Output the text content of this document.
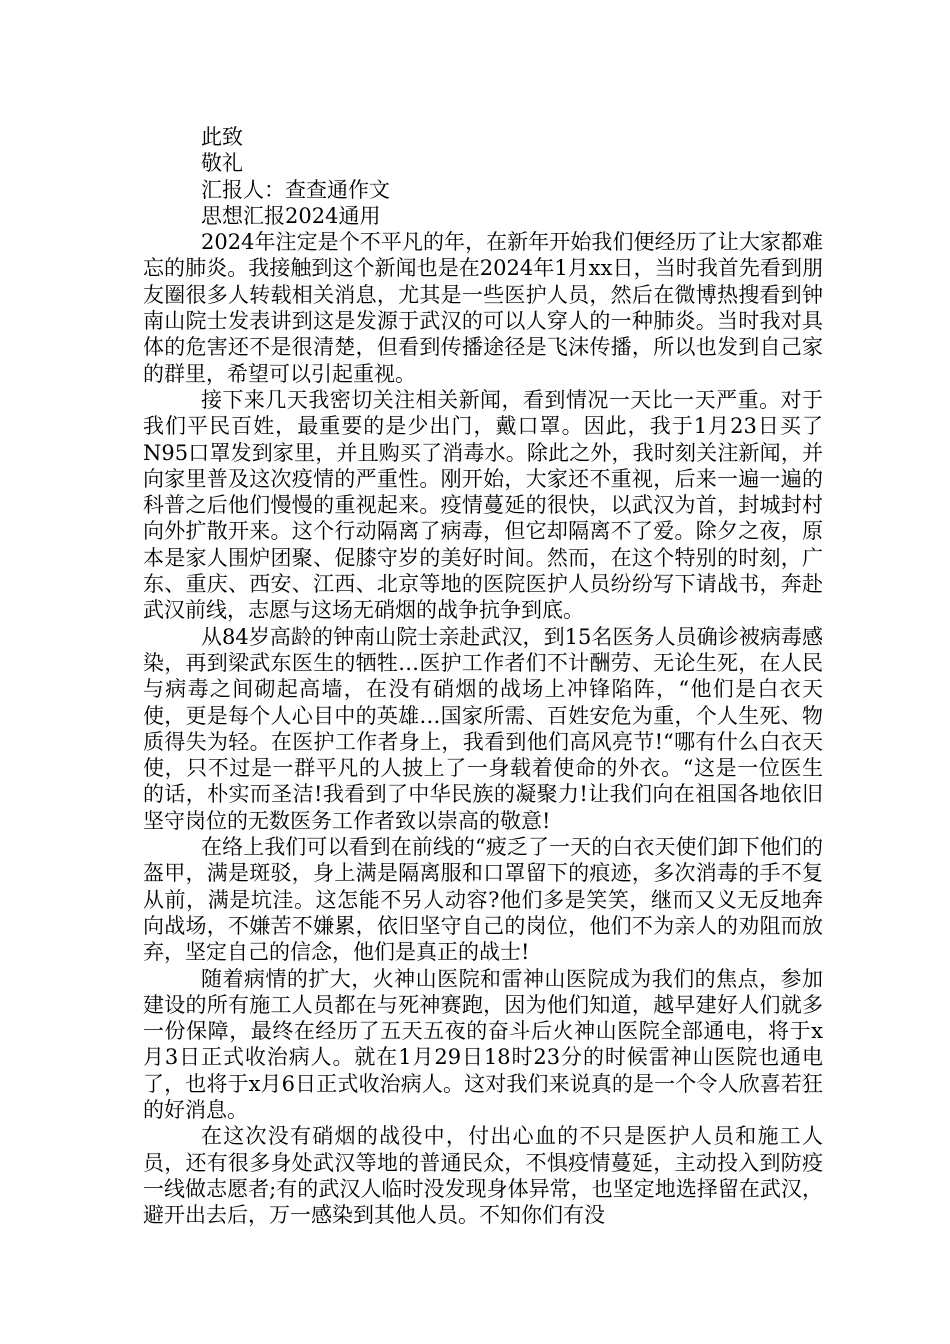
此致

敬礼

汇报人：查查通作文

思想汇报2024通用

2024年注定是个不平凡的年，在新年开始我们便经历了让大家都难忘的肺炎。我接触到这个新闻也是在2024年1月xx日，当时我首先看到朋友圈很多人转载相关消息，尤其是一些医护人员，然后在微博热搜看到钟南山院士发表讲到这是发源于武汉的可以人穿人的一种肺炎。当时我对具体的危害还不是很清楚，但看到传播途径是飞沫传播，所以也发到自己家的群里，希望可以引起重视。

接下来几天我密切关注相关新闻，看到情况一天比一天严重。对于我们平民百姓，最重要的是少出门，戴口罩。因此，我于1月23日买了N95口罩发到家里，并且购买了消毒水。除此之外，我时刻关注新闻，并向家里普及这次疫情的严重性。刚开始，大家还不重视，后来一遍一遍的科普之后他们慢慢的重视起来。疫情蔓延的很快，以武汉为首，封城封村向外扩散开来。这个行动隔离了病毒，但它却隔离不了爱。除夕之夜，原本是家人围炉团聚、促膝守岁的美好时间。然而，在这个特别的时刻，广东、重庆、西安、江西、北京等地的医院医护人员纷纷写下请战书，奔赴武汉前线，志愿与这场无硝烟的战争抗争到底。

从84岁高龄的钟南山院士亲赴武汉，到15名医务人员确诊被病毒感染，再到梁武东医生的牺牲…医护工作者们不计酬劳、无论生死，在人民与病毒之间砌起高墙，在没有硝烟的战场上冲锋陷阵，“他们是白衣天使，更是每个人心目中的英雄…国家所需、百姓安危为重，个人生死、物质得失为轻。在医护工作者身上，我看到他们高风亮节!“哪有什么白衣天使，只不过是一群平凡的人披上了一身载着使命的外衣。“这是一位医生的话，朴实而圣洁!我看到了中华民族的凝聚力!让我们向在祖国各地依旧坚守岗位的无数医务工作者致以崇高的敬意!

在络上我们可以看到在前线的“疲乏了一天的白衣天使们卸下他们的盔甲，满是斑驳，身上满是隔离服和口罩留下的痕迹，多次消毒的手不复从前，满是坑洼。这怎能不另人动容?他们多是笑笑，继而又义无反地奔向战场，不嫌苦不嫌累，依旧坚守自己的岗位，他们不为亲人的劝阻而放弃，坚定自己的信念，他们是真正的战士!

随着病情的扩大，火神山医院和雷神山医院成为我们的焦点，参加建设的所有施工人员都在与死神赛跑，因为他们知道，越早建好人们就多一份保障，最终在经历了五天五夜的奋斗后火神山医院全部通电，将于x月3日正式收治病人。就在1月29日18时23分的时候雷神山医院也通电了，也将于x月6日正式收治病人。这对我们来说真的是一个令人欣喜若狂的好消息。

在这次没有硝烟的战役中，付出心血的不只是医护人员和施工人员，还有很多身处武汉等地的普通民众，不惧疫情蔓延，主动投入到防疫一线做志愿者;有的武汉人临时没发现身体异常，也坚定地选择留在武汉，避开出去后，万一感染到其他人员。不知你们有没
